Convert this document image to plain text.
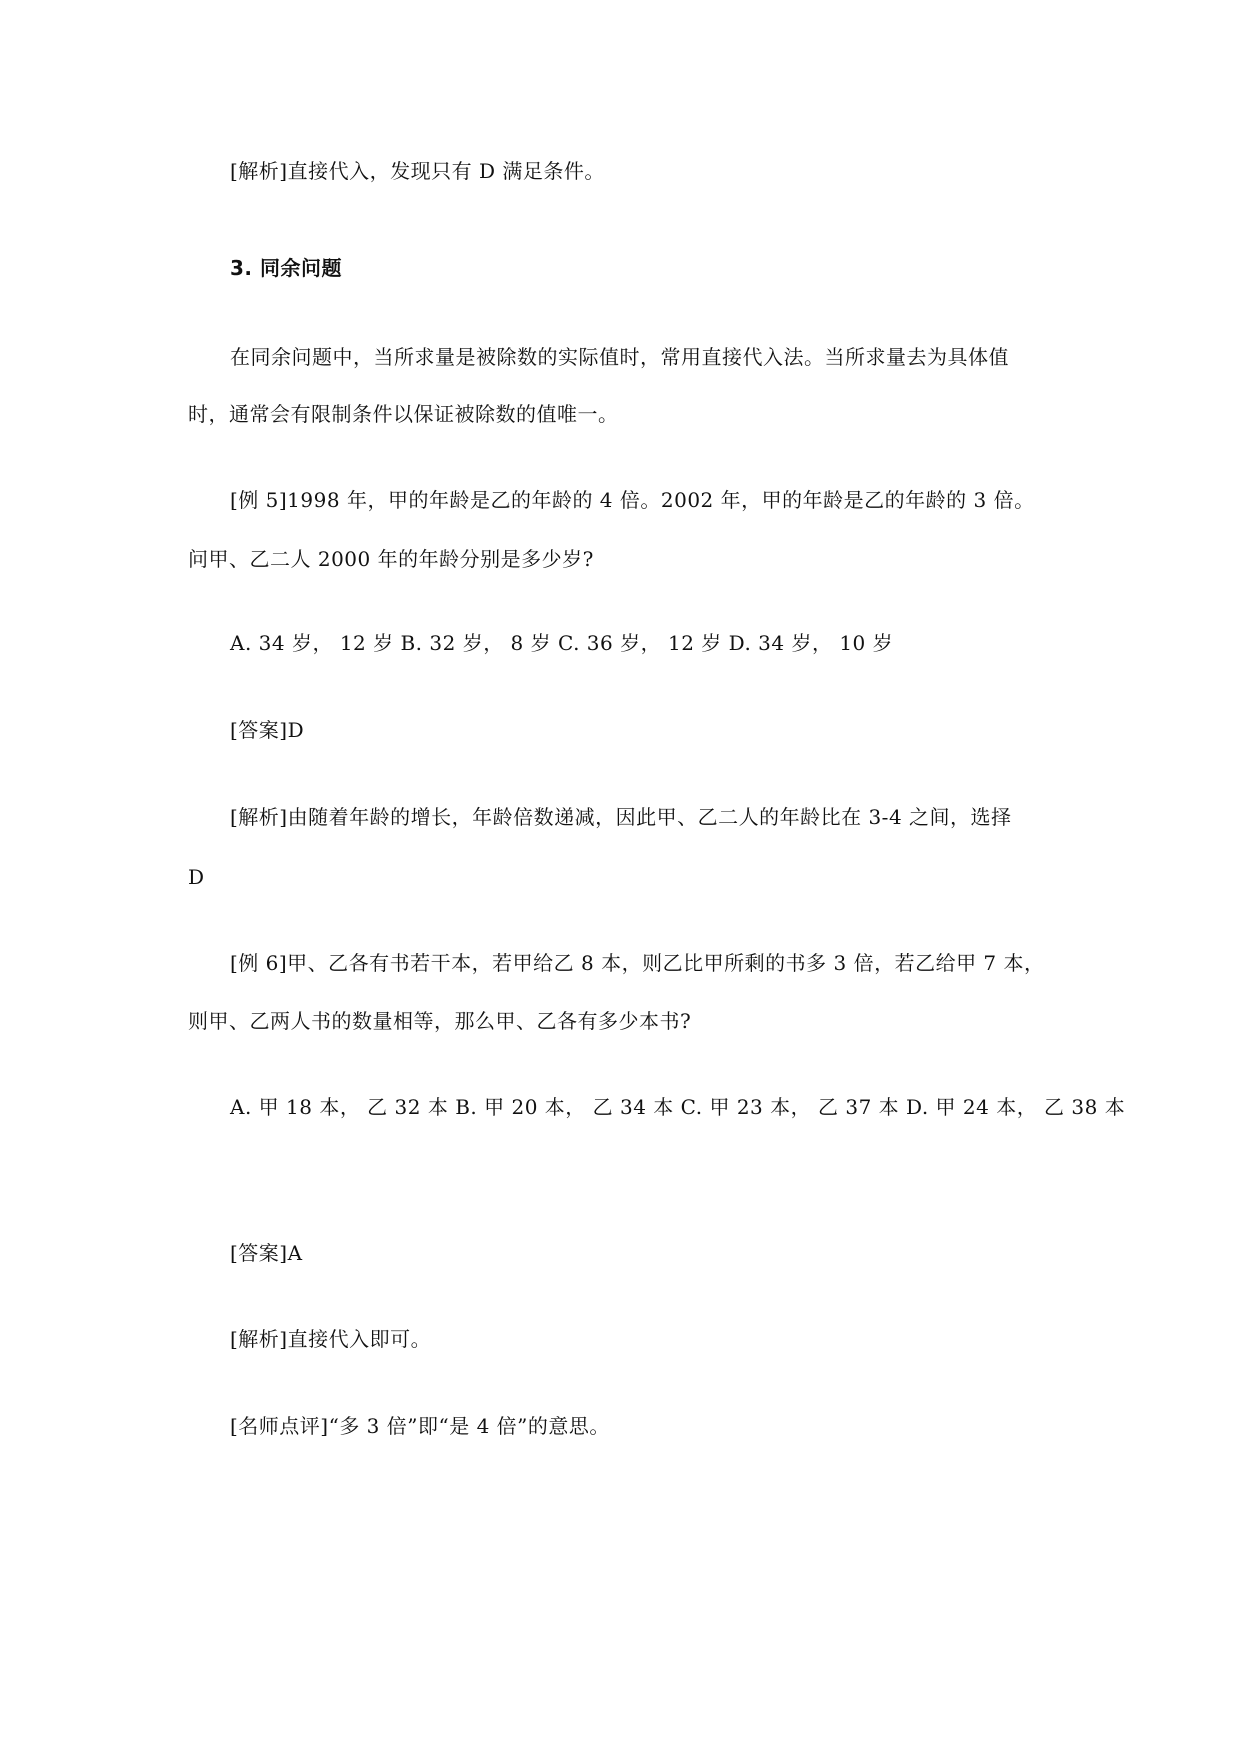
[解析]直接代入，发现只有 D 满足条件。
3. 同余问题
在同余问题中，当所求量是被除数的实际值时，常用直接代入法。当所求量去为具体值
时，通常会有限制条件以保证被除数的值唯一。
[例 5]1998 年，甲的年龄是乙的年龄的 4 倍。2002 年，甲的年龄是乙的年龄的 3 倍。
问甲、乙二人 2000 年的年龄分别是多少岁?
A. 34 岁， 12 岁 B. 32 岁， 8 岁 C. 36 岁， 12 岁 D. 34 岁， 10 岁
[答案]D
[解析]由随着年龄的增长，年龄倍数递减，因此甲、乙二人的年龄比在 3-4 之间，选择
D
[例 6]甲、乙各有书若干本，若甲给乙 8 本，则乙比甲所剩的书多 3 倍，若乙给甲 7 本，
则甲、乙两人书的数量相等，那么甲、乙各有多少本书?
A. 甲 18 本， 乙 32 本 B. 甲 20 本， 乙 34 本 C. 甲 23 本， 乙 37 本 D. 甲 24 本， 乙 38 本
[答案]A
[解析]直接代入即可。
[名师点评]“多 3 倍”即“是 4 倍”的意思。
